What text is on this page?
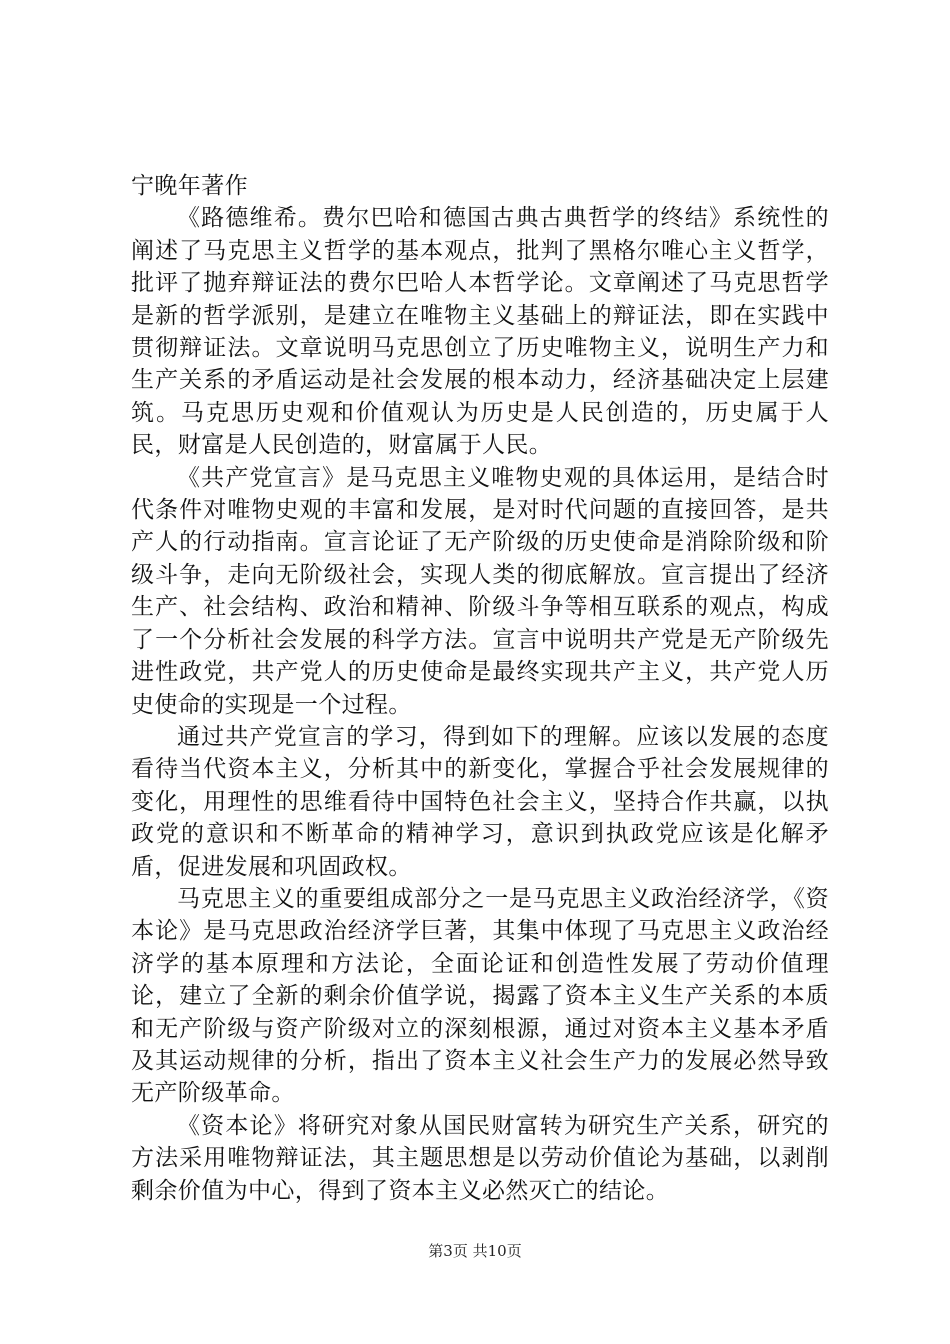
宁晚年著作

《路德维希。费尔巴哈和德国古典古典哲学的终结》系统性的阐述了马克思主义哲学的基本观点，批判了黑格尔唯心主义哲学，批评了抛弃辩证法的费尔巴哈人本哲学论。文章阐述了马克思哲学是新的哲学派别，是建立在唯物主义基础上的辩证法，即在实践中贯彻辩证法。文章说明马克思创立了历史唯物主义，说明生产力和生产关系的矛盾运动是社会发展的根本动力，经济基础决定上层建筑。马克思历史观和价值观认为历史是人民创造的，历史属于人民，财富是人民创造的，财富属于人民。

《共产党宣言》是马克思主义唯物史观的具体运用，是结合时代条件对唯物史观的丰富和发展，是对时代问题的直接回答，是共产人的行动指南。宣言论证了无产阶级的历史使命是消除阶级和阶级斗争，走向无阶级社会，实现人类的彻底解放。宣言提出了经济生产、社会结构、政治和精神、阶级斗争等相互联系的观点，构成了一个分析社会发展的科学方法。宣言中说明共产党是无产阶级先进性政党，共产党人的历史使命是最终实现共产主义，共产党人历史使命的实现是一个过程。

通过共产党宣言的学习，得到如下的理解。应该以发展的态度看待当代资本主义，分析其中的新变化，掌握合乎社会发展规律的变化，用理性的思维看待中国特色社会主义，坚持合作共赢，以执政党的意识和不断革命的精神学习，意识到执政党应该是化解矛盾，促进发展和巩固政权。

马克思主义的重要组成部分之一是马克思主义政治经济学，《资本论》是马克思政治经济学巨著，其集中体现了马克思主义政治经济学的基本原理和方法论，全面论证和创造性发展了劳动价值理论，建立了全新的剩余价值学说，揭露了资本主义生产关系的本质和无产阶级与资产阶级对立的深刻根源，通过对资本主义基本矛盾及其运动规律的分析，指出了资本主义社会生产力的发展必然导致无产阶级革命。

《资本论》将研究对象从国民财富转为研究生产关系，研究的方法采用唯物辩证法，其主题思想是以劳动价值论为基础，以剥削剩余价值为中心，得到了资本主义必然灭亡的结论。

第3页 共10页
